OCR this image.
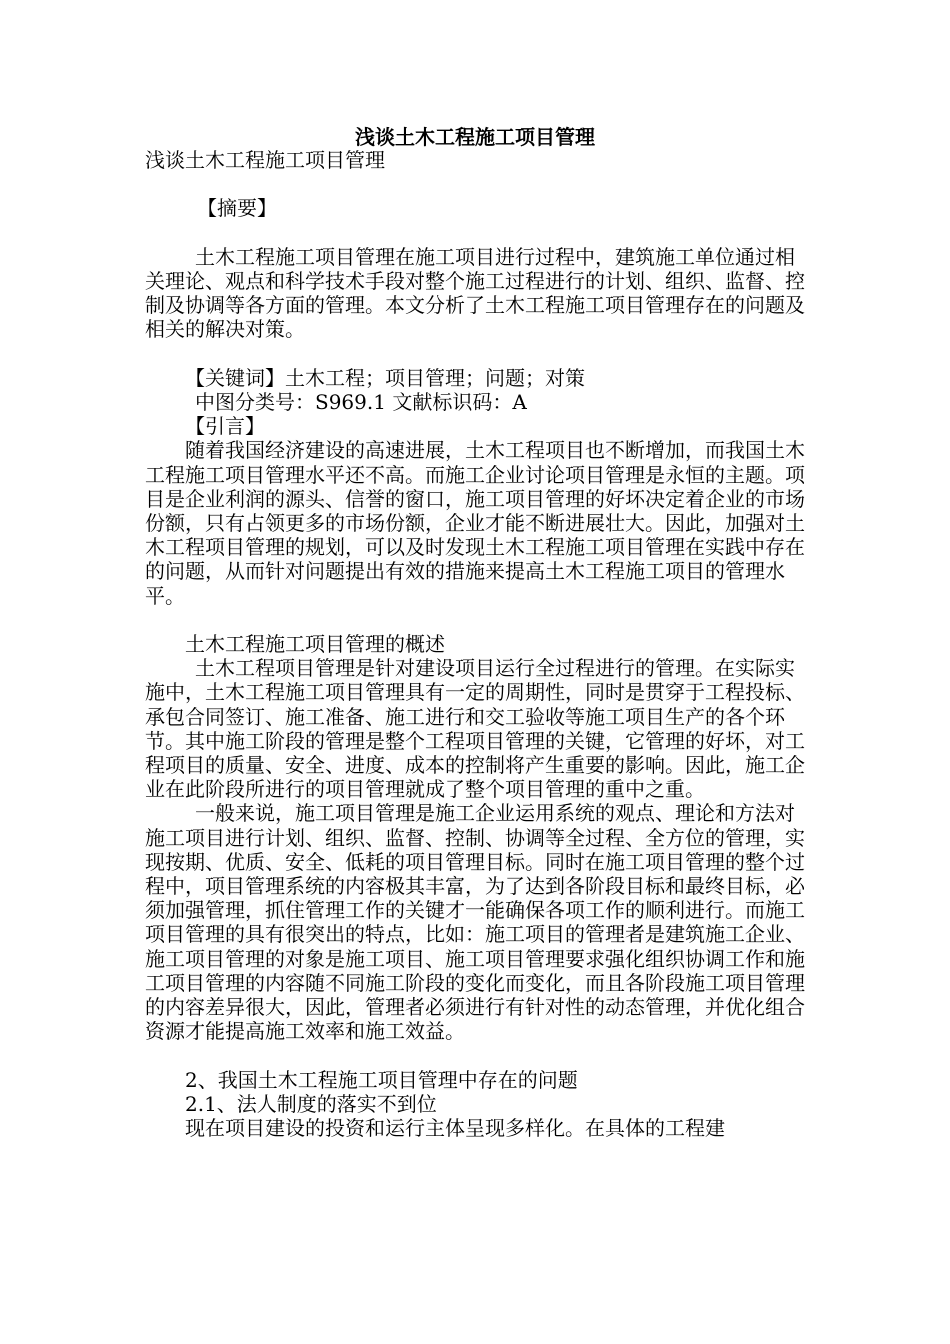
浅谈土木工程施工项目管理

浅谈土木工程施工项目管理

【摘要】

土木工程施工项目管理在施工项目进行过程中，建筑施工单位通过相关理论、观点和科学技术手段对整个施工过程进行的计划、组织、监督、控制及协调等各方面的管理。本文分析了土木工程施工项目管理存在的问题及相关的解决对策。

【关键词】土木工程；项目管理；问题；对策

中图分类号：S969.1 文献标识码：A

【引言】

随着我国经济建设的高速进展，土木工程项目也不断增加，而我国土木工程施工项目管理水平还不高。而施工企业讨论项目管理是永恒的主题。项目是企业利润的源头、信誉的窗口，施工项目管理的好坏决定着企业的市场份额，只有占领更多的市场份额，企业才能不断进展壮大。因此，加强对土木工程项目管理的规划，可以及时发现土木工程施工项目管理在实践中存在的问题，从而针对问题提出有效的措施来提高土木工程施工项目的管理水平。

土木工程施工项目管理的概述

土木工程项目管理是针对建设项目运行全过程进行的管理。在实际实施中，土木工程施工项目管理具有一定的周期性，同时是贯穿于工程投标、承包合同签订、施工准备、施工进行和交工验收等施工项目生产的各个环节。其中施工阶段的管理是整个工程项目管理的关键，它管理的好坏，对工程项目的质量、安全、进度、成本的控制将产生重要的影响。因此，施工企业在此阶段所进行的项目管理就成了整个项目管理的重中之重。

一般来说，施工项目管理是施工企业运用系统的观点、理论和方法对施工项目进行计划、组织、监督、控制、协调等全过程、全方位的管理，实现按期、优质、安全、低耗的项目管理目标。同时在施工项目管理的整个过程中，项目管理系统的内容极其丰富，为了达到各阶段目标和最终目标，必须加强管理，抓住管理工作的关键才一能确保各项工作的顺利进行。而施工项目管理的具有很突出的特点，比如：施工项目的管理者是建筑施工企业、施工项目管理的对象是施工项目、施工项目管理要求强化组织协调工作和施工项目管理的内容随不同施工阶段的变化而变化，而且各阶段施工项目管理的内容差异很大，因此，管理者必须进行有针对性的动态管理，并优化组合资源才能提高施工效率和施工效益。

2、我国土木工程施工项目管理中存在的问题

2.1、法人制度的落实不到位

现在项目建设的投资和运行主体呈现多样化。在具体的工程建
